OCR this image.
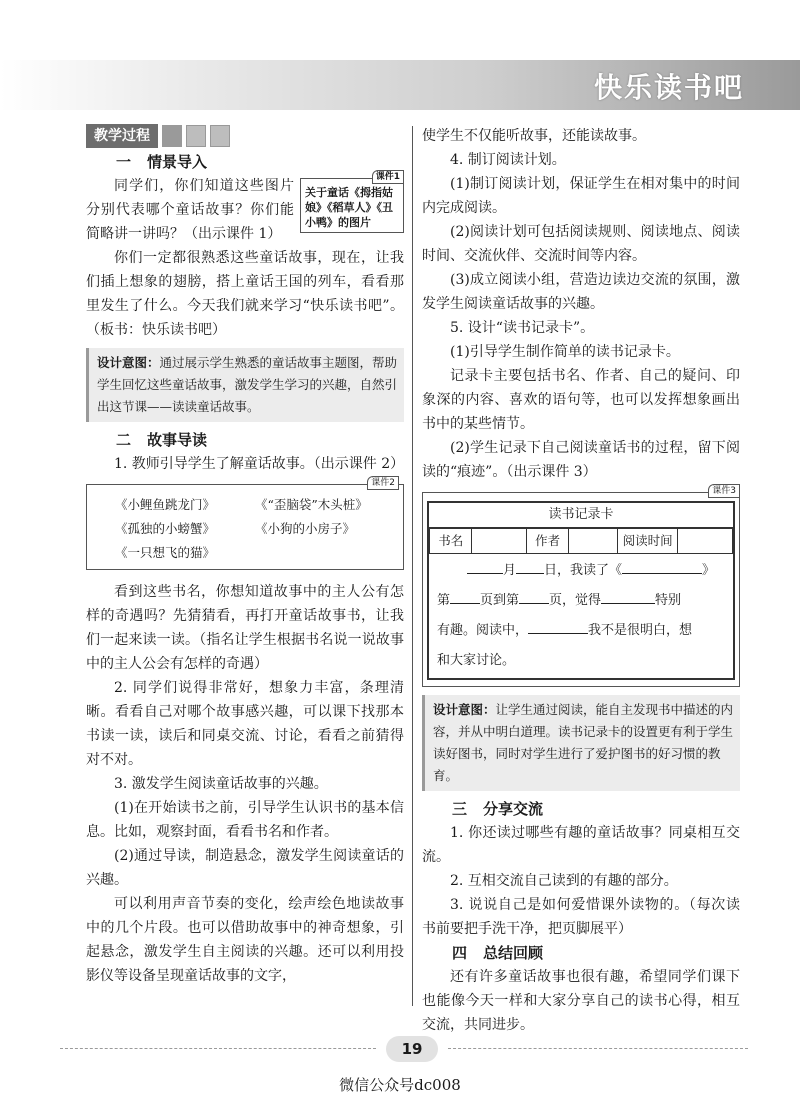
快乐读书吧
教学过程
一 情景导入
课件1
关于童话《拇指姑娘》《稻草人》《丑小鸭》的图片

同学们，你们知道这些图片分别代表哪个童话故事？你们能简略讲一讲吗？（出示课件 1）

你们一定都很熟悉这些童话故事，现在，让我们插上想象的翅膀，搭上童话王国的列车，看看那里发生了什么。今天我们就来学习“快乐读书吧”。（板书：快乐读书吧）

设计意图：通过展示学生熟悉的童话故事主题图，帮助学生回忆这些童话故事，激发学生学习的兴趣，自然引出这节课——读读童话故事。
二 故事导读

1. 教师引导学生了解童话故事。（出示课件 2）

课件2
《小鲤鱼跳龙门》	《“歪脑袋”木头桩》
《孤独的小螃蟹》	《小狗的小房子》
《一只想飞的猫》

看到这些书名，你想知道故事中的主人公有怎样的奇遇吗？先猜猜看，再打开童话故事书，让我们一起来读一读。（指名让学生根据书名说一说故事中的主人公会有怎样的奇遇）

2. 同学们说得非常好，想象力丰富，条理清晰。看看自己对哪个故事感兴趣，可以课下找那本书读一读，读后和同桌交流、讨论，看看之前猜得对不对。

3. 激发学生阅读童话故事的兴趣。

(1)在开始读书之前，引导学生认识书的基本信息。比如，观察封面，看看书名和作者。

(2)通过导读，制造悬念，激发学生阅读童话的兴趣。

可以利用声音节奏的变化，绘声绘色地读故事中的几个片段。也可以借助故事中的神奇想象，引起悬念，激发学生自主阅读的兴趣。还可以利用投影仪等设备呈现童话故事的文字，

使学生不仅能听故事，还能读故事。

4. 制订阅读计划。

(1)制订阅读计划，保证学生在相对集中的时间内完成阅读。

(2)阅读计划可包括阅读规则、阅读地点、阅读时间、交流伙伴、交流时间等内容。

(3)成立阅读小组，营造边读边交流的氛围，激发学生阅读童话故事的兴趣。

5. 设计“读书记录卡”。

(1)引导学生制作简单的读书记录卡。

记录卡主要包括书名、作者、自己的疑问、印象深的内容、喜欢的语句等，也可以发挥想象画出书中的某些情节。

(2)学生记录下自己阅读童话书的过程，留下阅读的“痕迹”。（出示课件 3）

课件3
读书记录卡
书名		作者		阅读时间	
月 日，我读了《	》
第 页到第 页，觉得	特别
有趣。阅读中，	我不是很明白，想
和大家讨论。
设计意图：让学生通过阅读，能自主发现书中描述的内容，并从中明白道理。读书记录卡的设置更有利于学生读好图书，同时对学生进行了爱护图书的好习惯的教育。
三 分享交流

1. 你还读过哪些有趣的童话故事？同桌相互交流。

2. 互相交流自己读到的有趣的部分。

3. 说说自己是如何爱惜课外读物的。（每次读书前要把手洗干净，把页脚展平）

四 总结回顾

还有许多童话故事也很有趣，希望同学们课下也能像今天一样和大家分享自己的读书心得，相互交流，共同进步。

19
微信公众号dc008
